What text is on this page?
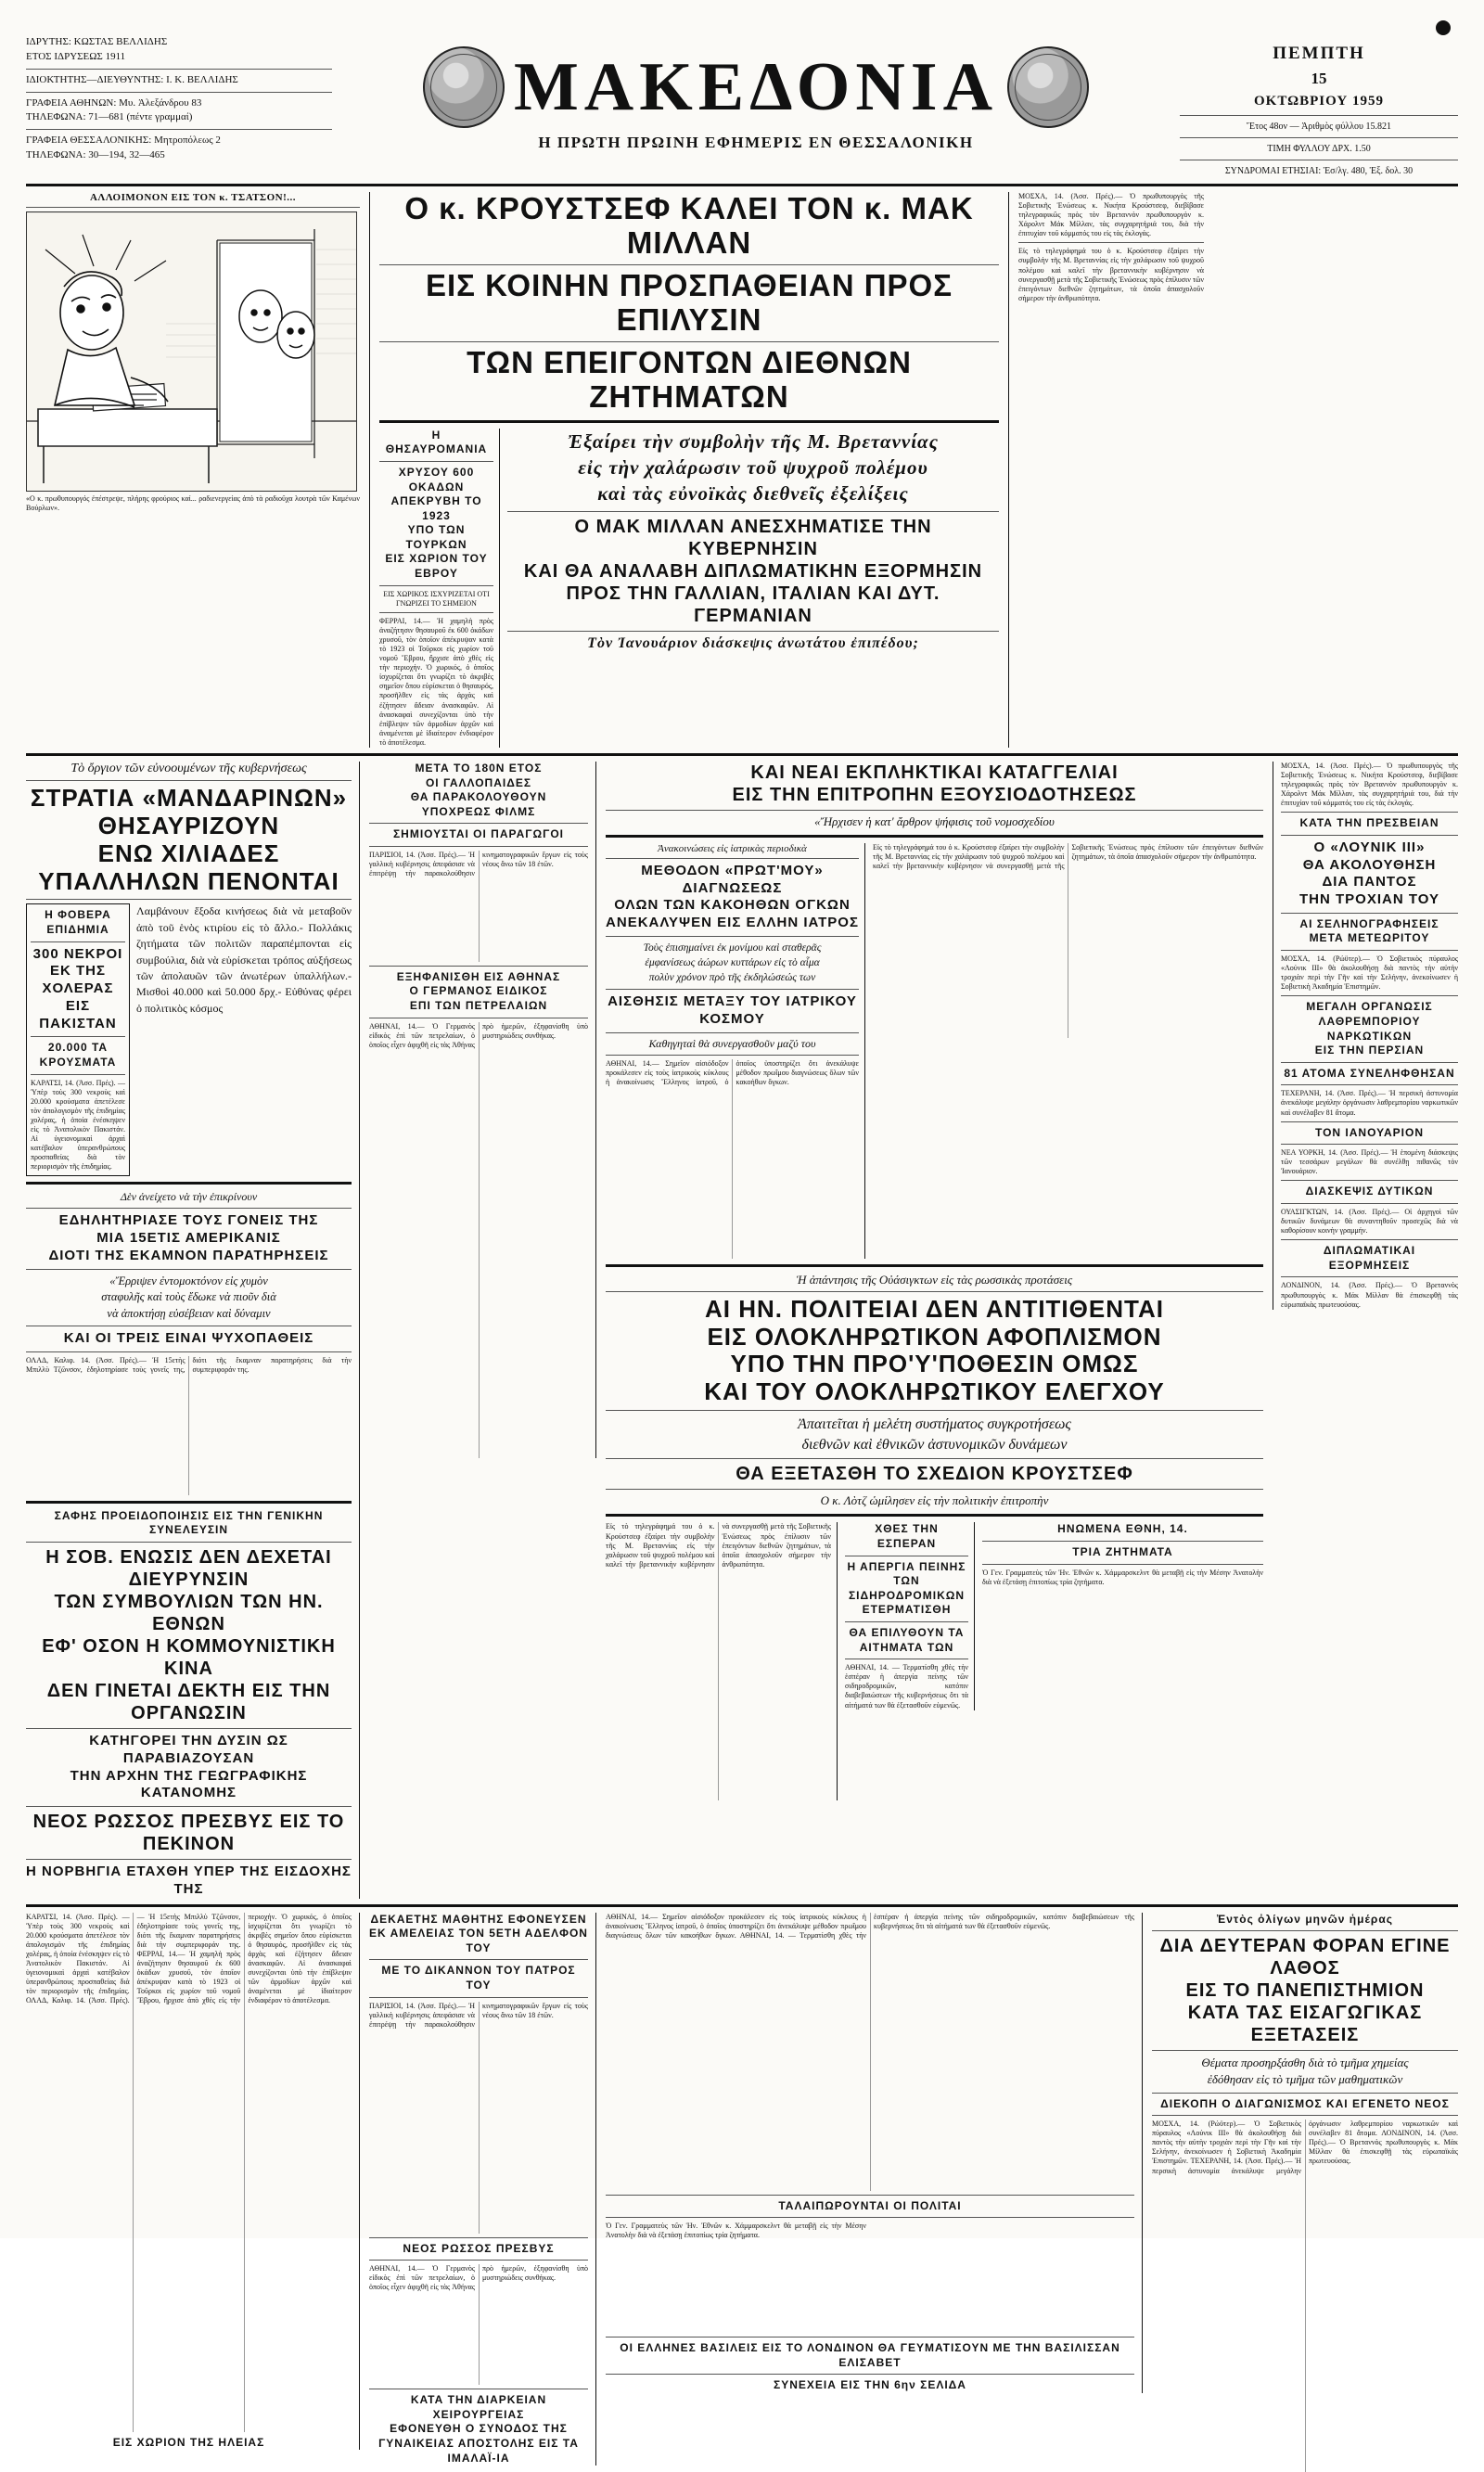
ΙΔΡΥΤΗΣ: ΚΩΣΤΑΣ ΒΕΛΛΙΔΗΣ
ΕΤΟΣ ΙΔΡΥΣΕΩΣ 1911
ΙΔΙΟΚΤΗΤΗΣ—ΔΙΕΥΘΥΝΤΗΣ: Ι. Κ. ΒΕΛΛΙΔΗΣ
ΓΡΑΦΕΙΑ ΑΘΗΝΩΝ: Μυ. Ἀλεξάνδρου 83
ΤΗΛΕΦΩΝΑ: 71—681 (πέντε γραμμαί)
ΓΡΑΦΕΙΑ ΘΕΣΣΑΛΟΝΙΚΗΣ: Μητροπόλεως 2
ΤΗΛΕΦΩΝΑ: 30—194, 32—465
ΜΑΚΕΔΟΝΙΑ
Η ΠΡΩΤΗ ΠΡΩΙΝΗ ΕΦΗΜΕΡΙΣ ΕΝ ΘΕΣΣΑΛΟΝΙΚΗ
ΠΕΜΠΤΗ
15
ΟΚΤΩΒΡΙΟΥ 1959
Ἔτος 48ον — Ἀριθμὸς φύλλου 15.821
ΤΙΜΗ ΦΥΛΛΟΥ ΔΡΧ. 1.50
ΣΥΝΔΡΟΜΑΙ ΕΤΗΣΙΑΙ: Ἐσ/λγ. 480, Ἐξ. δολ. 30
ΑΛΛΟΙΜΟΝΟΝ ΕΙΣ ΤΟΝ κ. ΤΣΑΤΣΟΝ!...
«Ο κ. πρωθυπουργός ἐπέστρεψε, πλήρης φρούριος καί... ραδιενεργείας ἀπὸ τὰ ραδιοῦχα λουτρὰ τῶν Καμένων Βούρλων».
Ο κ. ΚΡΟΥΣΤΣΕΦ ΚΑΛΕΙ ΤΟΝ κ. ΜΑΚ ΜΙΛΛΑΝ
ΕΙΣ ΚΟΙΝΗΝ ΠΡΟΣΠΑΘΕΙΑΝ ΠΡΟΣ ΕΠΙΛΥΣΙΝ
ΤΩΝ ΕΠΕΙΓΟΝΤΩΝ ΔΙΕΘΝΩΝ ΖΗΤΗΜΑΤΩΝ
Η ΘΗΣΑΥΡΟΜΑΝΙΑ
ΧΡΥΣΟΥ 600 ΟΚΑΔΩΝ
ΑΠΕΚΡΥΒΗ ΤΟ 1923
ΥΠΟ ΤΩΝ ΤΟΥΡΚΩΝ
ΕΙΣ ΧΩΡΙΟΝ ΤΟΥ ΕΒΡΟΥ
ΕΙΣ ΧΩΡΙΚΟΣ ΙΣΧΥΡΙΖΕΤΑΙ ΟΤΙ ΓΝΩΡΙΖΕΙ ΤΟ ΣΗΜΕΙΟΝ
ΦΕΡΡΑΙ, 14.— Ἡ χαμηλὴ πρὸς ἀναζήτησιν θησαυροῦ ἐκ 600 ὀκάδων χρυσοῦ, τὸν ὁποῖον ἀπέκρυψαν κατὰ τὸ 1923 οἱ Τοῦρκοι εἰς χωρίον τοῦ νομοῦ Ἔβρου, ἤρχισε ἀπὸ χθὲς εἰς τὴν περιοχήν. Ὁ χωρικός, ὁ ὁποῖος ἰσχυρίζεται ὅτι γνωρίζει τὸ ἀκριβὲς σημεῖον ὅπου εὑρίσκεται ὁ θησαυρός, προσῆλθεν εἰς τὰς ἀρχὰς καὶ ἐζήτησεν ἄδειαν ἀνασκαφῶν. Αἱ ἀνασκαφαὶ συνεχίζονται ὑπὸ τὴν ἐπίβλεψιν τῶν ἁρμοδίων ἀρχῶν καὶ ἀναμένεται μὲ ἰδιαίτερον ἐνδιαφέρον τὸ ἀποτέλεσμα.
Ἐξαίρει τὴν συμβολὴν τῆς Μ. Βρεταννίας
εἰς τὴν χαλάρωσιν τοῦ ψυχροῦ πολέμου
καὶ τὰς εὐνοϊκὰς διεθνεῖς ἐξελίξεις
Ο ΜΑΚ ΜΙΛΛΑΝ ΑΝΕΣΧΗΜΑΤΙΣΕ ΤΗΝ ΚΥΒΕΡΝΗΣΙΝ
ΚΑΙ ΘΑ ΑΝΑΛΑΒΗ ΔΙΠΛΩΜΑΤΙΚΗΝ ΕΞΟΡΜΗΣΙΝ
ΠΡΟΣ ΤΗΝ ΓΑΛΛΙΑΝ, ΙΤΑΛΙΑΝ ΚΑΙ ΔΥΤ. ΓΕΡΜΑΝΙΑΝ
Τὸν Ἰανουάριον διάσκεψις ἀνωτάτου ἐπιπέδου;
ΜΟΣΧΑ, 14. (Ἀσσ. Πρές).— Ὁ πρωθυπουργὸς τῆς Σοβιετικῆς Ἑνώσεως κ. Νικήτα Κρούστσεφ, διεβίβασε τηλεγραφικῶς πρὸς τὸν Βρεταννὸν πρωθυπουργὸν κ. Χάρολντ Μάκ Μίλλαν, τὰς συγχαρητήριά του, διὰ τὴν ἐπιτυχίαν τοῦ κόμματός του εἰς τὰς ἐκλογάς.
Εἰς τὸ τηλεγράφημά του ὁ κ. Κρούστσεφ ἐξαίρει τὴν συμβολὴν τῆς Μ. Βρεταννίας εἰς τὴν χαλάρωσιν τοῦ ψυχροῦ πολέμου καὶ καλεῖ τὴν βρεταννικὴν κυβέρνησιν νὰ συνεργασθῇ μετὰ τῆς Σοβιετικῆς Ἑνώσεως πρὸς ἐπίλυσιν τῶν ἐπειγόντων διεθνῶν ζητημάτων, τὰ ὁποῖα ἀπασχολοῦν σήμερον τὴν ἀνθρωπότητα.
Τὸ ὄργιον τῶν εὐνοουμένων τῆς κυβερνήσεως
ΣΤΡΑΤΙΑ «ΜΑΝΔΑΡΙΝΩΝ» ΘΗΣΑΥΡΙΖΟΥΝ
ΕΝΩ ΧΙΛΙΑΔΕΣ ΥΠΑΛΛΗΛΩΝ ΠΕΝΟΝΤΑΙ
Η ΦΟΒΕΡΑ ΕΠΙΔΗΜΙΑ
300 ΝΕΚΡΟΙ
ΕΚ ΤΗΣ ΧΟΛΕΡΑΣ
ΕΙΣ ΠΑΚΙΣΤΑΝ
20.000 ΤΑ ΚΡΟΥΣΜΑΤΑ
ΚΑΡΑΤΣΙ, 14. (Ἀσσ. Πρές). — Ὑπὲρ τοὺς 300 νεκροὺς καὶ 20.000 κρούσματα ἀπετέλεσε τὸν ἀπολογισμὸν τῆς ἐπιδημίας χολέρας, ἡ ὁποία ἐνέσκηψεν εἰς τὸ Ἀνατολικὸν Πακιστάν. Αἱ ὑγειονομικαὶ ἀρχαὶ κατέβαλον ὑπερανθρώπους προσπαθείας διὰ τὸν περιορισμὸν τῆς ἐπιδημίας.
Λαμβάνουν ἔξοδα κινήσεως διὰ νὰ μεταβοῦν ἀπὸ τοῦ ἑνὸς κτιρίου εἰς τὸ ἄλλο.- Πολλάκις ζητήματα τῶν πολιτῶν παραπέμπονται εἰς συμβούλια, διὰ νὰ εὑρίσκεται τρόπος αὐξήσεως τῶν ἀπολαυῶν τῶν ἀνωτέρων ὑπαλλήλων.-Μισθοὶ 40.000 καὶ 50.000 δρχ.- Εὐθύνας φέρει ὁ πολιτικὸς κόσμος
Δὲν ἀνείχετο νὰ τὴν ἐπικρίνουν
ΕΔΗΛΗΤΗΡΙΑΣΕ ΤΟΥΣ ΓΟΝΕΙΣ ΤΗΣ
ΜΙΑ 15ΕΤΙΣ ΑΜΕΡΙΚΑΝΙΣ
ΔΙΟΤΙ ΤΗΣ ΕΚΑΜΝΟΝ ΠΑΡΑΤΗΡΗΣΕΙΣ
«Ἔρριψεν ἐντομοκτόνον εἰς χυμὸν
σταφυλῆς καὶ τοὺς ἔδωκε νὰ πιοῦν διὰ
νὰ ἀποκτήσῃ εὐσέβειαν καὶ δύναμιν
ΚΑΙ ΟΙ ΤΡΕΙΣ ΕΙΝΑΙ ΨΥΧΟΠΑΘΕΙΣ
ΟΛΑΔ, Καλιφ. 14. (Ἀσσ. Πρές).— Ἡ 15ετὴς Μπιλλὺ Τζῶνσον, ἐδηλοτηρίασε τοὺς γονεῖς της, διότι τῆς ἔκαμναν παρατηρήσεις διὰ τὴν συμπεριφοράν της.
ΣΑΦΗΣ ΠΡΟΕΙΔΟΠΟΙΗΣΙΣ ΕΙΣ ΤΗΝ ΓΕΝΙΚΗΝ ΣΥΝΕΛΕΥΣΙΝ
Η ΣΟΒ. ΕΝΩΣΙΣ ΔΕΝ ΔΕΧΕΤΑΙ ΔΙΕΥΡΥΝΣΙΝ
ΤΩΝ ΣΥΜΒΟΥΛΙΩΝ ΤΩΝ ΗΝ. ΕΘΝΩΝ
ΕΦ' ΟΣΟΝ Η ΚΟΜΜΟΥΝΙΣΤΙΚΗ ΚΙΝΑ
ΔΕΝ ΓΙΝΕΤΑΙ ΔΕΚΤΗ ΕΙΣ ΤΗΝ ΟΡΓΑΝΩΣΙΝ
ΚΑΤΗΓΟΡΕΙ ΤΗΝ ΔΥΣΙΝ ΩΣ ΠΑΡΑΒΙΑΖΟΥΣΑΝ
ΤΗΝ ΑΡΧΗΝ ΤΗΣ ΓΕΩΓΡΑΦΙΚΗΣ ΚΑΤΑΝΟΜΗΣ
ΝΕΟΣ ΡΩΣΣΟΣ ΠΡΕΣΒΥΣ ΕΙΣ ΤΟ ΠΕΚΙΝΟΝ
Η ΝΟΡΒΗΓΙΑ ΕΤΑΧΘΗ ΥΠΕΡ ΤΗΣ ΕΙΣΔΟΧΗΣ ΤΗΣ
ΜΕΤΑ ΤΟ 180Ν ΕΤΟΣ
ΟΙ ΓΑΛΛΟΠΑΙΔΕΣ
ΘΑ ΠΑΡΑΚΟΛΟΥΘΟΥΝ
ΥΠΟΧΡΕΩΣ ΦΙΛΜΣ
ΣΗΜΙΟΥΣΤΑΙ ΟΙ ΠΑΡΑΓΩΓΟΙ
ΠΑΡΙΣΙΟΙ, 14. (Ἀσσ. Πρές).— Ἡ γαλλικὴ κυβέρνησις ἀπεφάσισε νὰ ἐπιτρέψῃ τὴν παρακολούθησιν κινηματογραφικῶν ἔργων εἰς τοὺς νέους ἄνω τῶν 18 ἐτῶν.
ΕΞΗΦΑΝΙΣΘΗ ΕΙΣ ΑΘΗΝΑΣ
Ο ΓΕΡΜΑΝΟΣ ΕΙΔΙΚΟΣ
ΕΠΙ ΤΩΝ ΠΕΤΡΕΛΑΙΩΝ
ΑΘΗΝΑΙ, 14.— Ὁ Γερμανὸς εἰδικὸς ἐπὶ τῶν πετρελαίων, ὁ ὁποῖος εἶχεν ἀφιχθῆ εἰς τὰς Ἀθήνας πρὸ ἡμερῶν, ἐξηφανίσθη ὑπὸ μυστηριώδεις συνθήκας.
ΚΑΙ ΝΕΑΙ ΕΚΠΛΗΚΤΙΚΑΙ ΚΑΤΑΓΓΕΛΙΑΙ
ΕΙΣ ΤΗΝ ΕΠΙΤΡΟΠΗΝ ΕΞΟΥΣΙΟΔΟΤΗΣΕΩΣ
«Ἤρχισεν ἡ κατ' ἄρθρον ψήφισις τοῦ νομοσχεδίου
Ἀνακοινώσεις εἰς ἰατρικὰς περιοδικὰ
ΜΕΘΟΔΟΝ «ΠΡΩΤ'ΜΟΥ» ΔΙΑΓΝΩΣΕΩΣ
ΟΛΩΝ ΤΩΝ ΚΑΚΟΗΘΩΝ ΟΓΚΩΝ
ΑΝΕΚΑΛΥΨΕΝ ΕΙΣ ΕΛΛΗΝ ΙΑΤΡΟΣ
Τοὺς ἐπισημαίνει ἐκ μονίμου καὶ σταθερᾶς
ἐμφανίσεως ἀώρων κυττάρων εἰς τὸ αἷμα
πολὺν χρόνον πρὸ τῆς ἐκδηλώσεώς των
ΑΙΣΘΗΣΙΣ ΜΕΤΑΞΥ ΤΟΥ ΙΑΤΡΙΚΟΥ ΚΟΣΜΟΥ
Καθηγηταὶ θὰ συνεργασθοῦν μαζύ του
ΑΘΗΝΑΙ, 14.— Σημεῖον αἰσιόδοξον προκάλεσεν εἰς τοὺς ἰατρικοὺς κύκλους ἡ ἀνακοίνωσις Ἕλληνος ἰατροῦ, ὁ ὁποῖος ὑποστηρίζει ὅτι ἀνεκάλυψε μέθοδον πρωΐμου διαγνώσεως ὅλων τῶν κακοήθων ὄγκων.
Εἰς τὸ τηλεγράφημά του ὁ κ. Κρούστσεφ ἐξαίρει τὴν συμβολὴν τῆς Μ. Βρεταννίας εἰς τὴν χαλάρωσιν τοῦ ψυχροῦ πολέμου καὶ καλεῖ τὴν βρεταννικὴν κυβέρνησιν νὰ συνεργασθῇ μετὰ τῆς Σοβιετικῆς Ἑνώσεως πρὸς ἐπίλυσιν τῶν ἐπειγόντων διεθνῶν ζητημάτων, τὰ ὁποῖα ἀπασχολοῦν σήμερον τὴν ἀνθρωπότητα.
Ἡ ἀπάντησις τῆς Οὐάσιγκτων εἰς τὰς ρωσσικὰς προτάσεις
ΑΙ ΗΝ. ΠΟΛΙΤΕΙΑΙ ΔΕΝ ΑΝΤΙΤΙΘΕΝΤΑΙ
ΕΙΣ ΟΛΟΚΛΗΡΩΤΙΚΟΝ ΑΦΟΠΛΙΣΜΟΝ
ΥΠΟ ΤΗΝ ΠΡΟ'Υ'ΠΟΘΕΣΙΝ ΟΜΩΣ
ΚΑΙ ΤΟΥ ΟΛΟΚΛΗΡΩΤΙΚΟΥ ΕΛΕΓΧΟΥ
Ἀπαιτεῖται ἡ μελέτη συστήματος συγκροτήσεως
διεθνῶν καὶ ἐθνικῶν ἀστυνομικῶν δυνάμεων
ΘΑ ΕΞΕΤΑΣΘΗ ΤΟ ΣΧΕΔΙΟΝ ΚΡΟΥΣΤΣΕΦ
Ο κ. Λὸτζ ὡμίλησεν εἰς τὴν πολιτικὴν ἐπιτροπὴν
Εἰς τὸ τηλεγράφημά του ὁ κ. Κρούστσεφ ἐξαίρει τὴν συμβολὴν τῆς Μ. Βρεταννίας εἰς τὴν χαλάρωσιν τοῦ ψυχροῦ πολέμου καὶ καλεῖ τὴν βρεταννικὴν κυβέρνησιν νὰ συνεργασθῇ μετὰ τῆς Σοβιετικῆς Ἑνώσεως πρὸς ἐπίλυσιν τῶν ἐπειγόντων διεθνῶν ζητημάτων, τὰ ὁποῖα ἀπασχολοῦν σήμερον τὴν ἀνθρωπότητα.
ΧΘΕΣ ΤΗΝ ΕΣΠΕΡΑΝ
Η ΑΠΕΡΓΙΑ ΠΕΙΝΗΣ
ΤΩΝ ΣΙΔΗΡΟΔΡΟΜΙΚΩΝ
ΕΤΕΡΜΑΤΙΣΘΗ
ΘΑ ΕΠΙΛΥΘΟΥΝ ΤΑ ΑΙΤΗΜΑΤΑ ΤΩΝ
ΑΘΗΝΑΙ, 14. — Τερματίσθη χθὲς τὴν ἑσπέραν ἡ ἀπεργία πείνης τῶν σιδηροδρομικῶν, κατόπιν διαβεβαιώσεων τῆς κυβερνήσεως ὅτι τὰ αἰτήματά των θὰ ἐξετασθοῦν εὐμενῶς.
ΗΝΩΜΕΝΑ ΕΘΝΗ, 14.
ΤΡΙΑ ΖΗΤΗΜΑΤΑ
Ὁ Γεν. Γραμματεὺς τῶν Ἡν. Ἐθνῶν κ. Χάμμαρσκελντ θὰ μεταβῇ εἰς τὴν Μέσην Ἀνατολὴν διὰ νὰ ἐξετάσῃ ἐπιτοπίως τρία ζητήματα.
ΜΟΣΧΑ, 14. (Ἀσσ. Πρές).— Ὁ πρωθυπουργὸς τῆς Σοβιετικῆς Ἑνώσεως κ. Νικήτα Κρούστσεφ, διεβίβασε τηλεγραφικῶς πρὸς τὸν Βρεταννὸν πρωθυπουργὸν κ. Χάρολντ Μάκ Μίλλαν, τὰς συγχαρητήριά του, διὰ τὴν ἐπιτυχίαν τοῦ κόμματός του εἰς τὰς ἐκλογάς.
ΚΑΤΑ ΤΗΝ ΠΡΕΣΒΕΙΑΝ
Ο «ΛΟΥΝΙΚ ΙΙΙ»
ΘΑ ΑΚΟΛΟΥΘΗΣΗ
ΔΙΑ ΠΑΝΤΟΣ
ΤΗΝ ΤΡΟΧΙΑΝ ΤΟΥ
ΑΙ ΣΕΛΗΝΟΓΡΑΦΗΣΕΙΣ ΜΕΤΑ ΜΕΤΕΩΡΙΤΟΥ
ΜΟΣΧΑ, 14. (Ρώϋτερ).— Ὁ Σοβιετικὸς πύραυλος «Λούνικ ΙΙΙ» θὰ ἀκολουθήσῃ διὰ παντὸς τὴν αὐτὴν τροχιὰν περὶ τὴν Γῆν καὶ τὴν Σελήνην, ἀνεκοίνωσεν ἡ Σοβιετικὴ Ἀκαδημία Ἐπιστημῶν.
ΜΕΓΑΛΗ ΟΡΓΑΝΩΣΙΣ
ΛΑΘΡΕΜΠΟΡΙΟΥ
ΝΑΡΚΩΤΙΚΩΝ
ΕΙΣ ΤΗΝ ΠΕΡΣΙΑΝ
81 ΑΤΟΜΑ ΣΥΝΕΛΗΦΘΗΣΑΝ
ΤΕΧΕΡΑΝΗ, 14. (Ἀσσ. Πρές).— Ἡ περσικὴ ἀστυνομία ἀνεκάλυψε μεγάλην ὀργάνωσιν λαθρεμπορίου ναρκωτικῶν καὶ συνέλαβεν 81 ἄτομα.
ΤΟΝ ΙΑΝΟΥΑΡΙΟΝ
ΝΕΑ ΥΟΡΚΗ, 14. (Ἀσσ. Πρές).— Ἡ ἑπομένη διάσκεψις τῶν τεσσάρων μεγάλων θὰ συνέλθῃ πιθανῶς τὸν Ἰανουάριον.
ΔΙΑΣΚΕΨΙΣ ΔΥΤΙΚΩΝ
ΟΥΑΣΙΓΚΤΩΝ, 14. (Ἀσσ. Πρές).— Οἱ ἀρχηγοὶ τῶν δυτικῶν δυνάμεων θὰ συναντηθοῦν προσεχῶς διὰ νὰ καθορίσουν κοινὴν γραμμήν.
ΔΙΠΛΩΜΑΤΙΚΑΙ ΕΞΟΡΜΗΣΕΙΣ
ΛΟΝΔΙΝΟΝ, 14. (Ἀσσ. Πρές).— Ὁ Βρεταννὸς πρωθυπουργὸς κ. Μάκ Μίλλαν θὰ ἐπισκεφθῇ τὰς εὐρωπαϊκὰς πρωτευούσας.
ΚΑΡΑΤΣΙ, 14. (Ἀσσ. Πρές). — Ὑπὲρ τοὺς 300 νεκροὺς καὶ 20.000 κρούσματα ἀπετέλεσε τὸν ἀπολογισμὸν τῆς ἐπιδημίας χολέρας, ἡ ὁποία ἐνέσκηψεν εἰς τὸ Ἀνατολικὸν Πακιστάν. Αἱ ὑγειονομικαὶ ἀρχαὶ κατέβαλον ὑπερανθρώπους προσπαθείας διὰ τὸν περιορισμὸν τῆς ἐπιδημίας. ΟΛΑΔ, Καλιφ. 14. (Ἀσσ. Πρές).— Ἡ 15ετὴς Μπιλλὺ Τζῶνσον, ἐδηλοτηρίασε τοὺς γονεῖς της, διότι τῆς ἔκαμναν παρατηρήσεις διὰ τὴν συμπεριφοράν της. ΦΕΡΡΑΙ, 14.— Ἡ χαμηλὴ πρὸς ἀναζήτησιν θησαυροῦ ἐκ 600 ὀκάδων χρυσοῦ, τὸν ὁποῖον ἀπέκρυψαν κατὰ τὸ 1923 οἱ Τοῦρκοι εἰς χωρίον τοῦ νομοῦ Ἔβρου, ἤρχισε ἀπὸ χθὲς εἰς τὴν περιοχήν. Ὁ χωρικός, ὁ ὁποῖος ἰσχυρίζεται ὅτι γνωρίζει τὸ ἀκριβὲς σημεῖον ὅπου εὑρίσκεται ὁ θησαυρός, προσῆλθεν εἰς τὰς ἀρχὰς καὶ ἐζήτησεν ἄδειαν ἀνασκαφῶν. Αἱ ἀνασκαφαὶ συνεχίζονται ὑπὸ τὴν ἐπίβλεψιν τῶν ἁρμοδίων ἀρχῶν καὶ ἀναμένεται μὲ ἰδιαίτερον ἐνδιαφέρον τὸ ἀποτέλεσμα.
ΕΙΣ ΧΩΡΙΟΝ ΤΗΣ ΗΛΕΙΑΣ
ΔΕΚΑΕΤΗΣ ΜΑΘΗΤΗΣ ΕΦΟΝΕΥΣΕΝ ΕΚ ΑΜΕΛΕΙΑΣ ΤΟΝ 5ΕΤΗ ΑΔΕΛΦΟΝ ΤΟΥ
ΜΕ ΤΟ ΔΙΚΑΝΝΟΝ ΤΟΥ ΠΑΤΡΟΣ ΤΟΥ
ΠΑΡΙΣΙΟΙ, 14. (Ἀσσ. Πρές).— Ἡ γαλλικὴ κυβέρνησις ἀπεφάσισε νὰ ἐπιτρέψῃ τὴν παρακολούθησιν κινηματογραφικῶν ἔργων εἰς τοὺς νέους ἄνω τῶν 18 ἐτῶν.
ΝΕΟΣ ΡΩΣΣΟΣ ΠΡΕΣΒΥΣ
ΑΘΗΝΑΙ, 14.— Ὁ Γερμανὸς εἰδικὸς ἐπὶ τῶν πετρελαίων, ὁ ὁποῖος εἶχεν ἀφιχθῆ εἰς τὰς Ἀθήνας πρὸ ἡμερῶν, ἐξηφανίσθη ὑπὸ μυστηριώδεις συνθήκας.
ΚΑΤΑ ΤΗΝ ΔΙΑΡΚΕΙΑΝ ΧΕΙΡΟΥΡΓΕΙΑΣ
ΕΦΟΝΕΥΘΗ Ο ΣΥΝΟΔΟΣ ΤΗΣ ΓΥΝΑΙΚΕΙΑΣ ΑΠΟΣΤΟΛΗΣ ΕΙΣ ΤΑ ΙΜΑΛΑΪ-ΙΑ
ΑΘΗΝΑΙ, 14.— Σημεῖον αἰσιόδοξον προκάλεσεν εἰς τοὺς ἰατρικοὺς κύκλους ἡ ἀνακοίνωσις Ἕλληνος ἰατροῦ, ὁ ὁποῖος ὑποστηρίζει ὅτι ἀνεκάλυψε μέθοδον πρωΐμου διαγνώσεως ὅλων τῶν κακοήθων ὄγκων. ΑΘΗΝΑΙ, 14. — Τερματίσθη χθὲς τὴν ἑσπέραν ἡ ἀπεργία πείνης τῶν σιδηροδρομικῶν, κατόπιν διαβεβαιώσεων τῆς κυβερνήσεως ὅτι τὰ αἰτήματά των θὰ ἐξετασθοῦν εὐμενῶς.
ΤΑΛΑΙΠΩΡΟΥΝΤΑΙ ΟΙ ΠΟΛΙΤΑΙ
Ὁ Γεν. Γραμματεὺς τῶν Ἡν. Ἐθνῶν κ. Χάμμαρσκελντ θὰ μεταβῇ εἰς τὴν Μέσην Ἀνατολὴν διὰ νὰ ἐξετάσῃ ἐπιτοπίως τρία ζητήματα.
ΟΙ ΕΛΛΗΝΕΣ ΒΑΣΙΛΕΙΣ ΕΙΣ ΤΟ ΛΟΝΔΙΝΟΝ ΘΑ ΓΕΥΜΑΤΙΣΟΥΝ ΜΕ ΤΗΝ ΒΑΣΙΛΙΣΣΑΝ ΕΛΙΣΑΒΕΤ
ΣΥΝΕΧΕΙΑ ΕΙΣ ΤΗΝ 6ην ΣΕΛΙΔΑ
Ἐντὸς ὀλίγων μηνῶν ἡμέρας
ΔΙΑ ΔΕΥΤΕΡΑΝ ΦΟΡΑΝ ΕΓΙΝΕ ΛΑΘΟΣ
ΕΙΣ ΤΟ ΠΑΝΕΠΙΣΤΗΜΙΟΝ
ΚΑΤΑ ΤΑΣ ΕΙΣΑΓΩΓΙΚΑΣ ΕΞΕΤΑΣΕΙΣ
Θέματα προσηρξάσθη διὰ τὸ τμῆμα χημείας
ἐδόθησαν εἰς τὸ τμῆμα τῶν μαθηματικῶν
ΔΙΕΚΟΠΗ Ο ΔΙΑΓΩΝΙΣΜΟΣ ΚΑΙ ΕΓΕΝΕΤΟ ΝΕΟΣ
ΜΟΣΧΑ, 14. (Ρώϋτερ).— Ὁ Σοβιετικὸς πύραυλος «Λούνικ ΙΙΙ» θὰ ἀκολουθήσῃ διὰ παντὸς τὴν αὐτὴν τροχιὰν περὶ τὴν Γῆν καὶ τὴν Σελήνην, ἀνεκοίνωσεν ἡ Σοβιετικὴ Ἀκαδημία Ἐπιστημῶν. ΤΕΧΕΡΑΝΗ, 14. (Ἀσσ. Πρές).— Ἡ περσικὴ ἀστυνομία ἀνεκάλυψε μεγάλην ὀργάνωσιν λαθρεμπορίου ναρκωτικῶν καὶ συνέλαβεν 81 ἄτομα. ΛΟΝΔΙΝΟΝ, 14. (Ἀσσ. Πρές).— Ὁ Βρεταννὸς πρωθυπουργὸς κ. Μάκ Μίλλαν θὰ ἐπισκεφθῇ τὰς εὐρωπαϊκὰς πρωτευούσας.
